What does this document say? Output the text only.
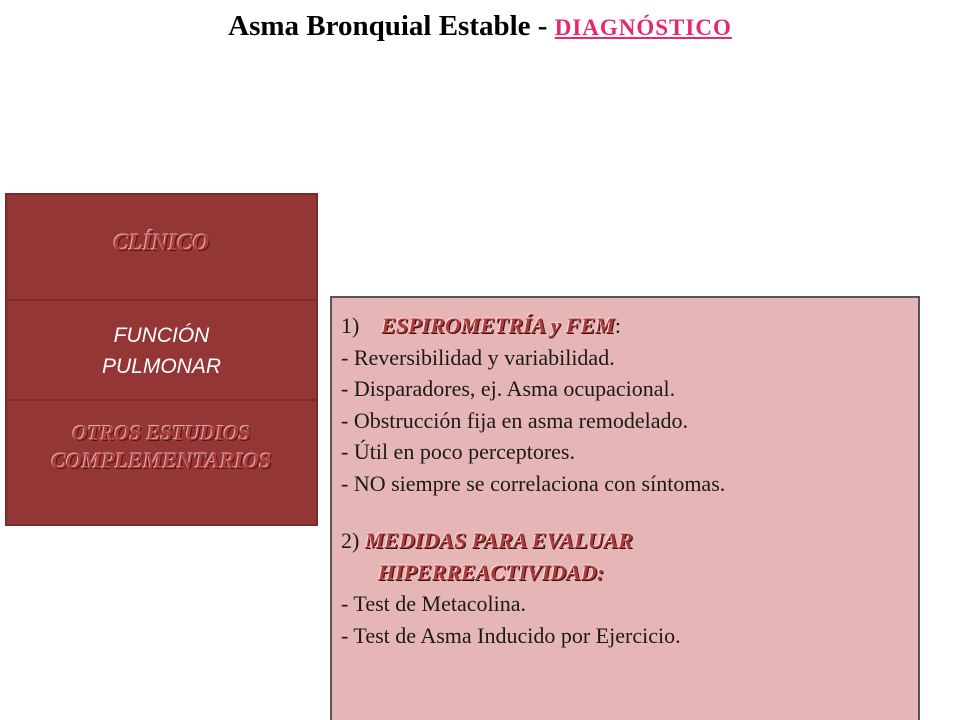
Asma Bronquial Estable - DIAGNÓSTICO
CLÍNICO
FUNCIÓN
PULMONAR
OTROS ESTUDIOS
COMPLEMENTARIOS
1) ESPIROMETRÍA y FEM:
- Reversibilidad y variabilidad.
- Disparadores, ej. Asma ocupacional.
- Obstrucción fija en asma remodelado.
- Útil en poco perceptores.
- NO siempre se correlaciona con síntomas.
2) MEDIDAS PARA EVALUAR
HIPERREACTIVIDAD:
- Test de Metacolina.
- Test de Asma Inducido por Ejercicio.
